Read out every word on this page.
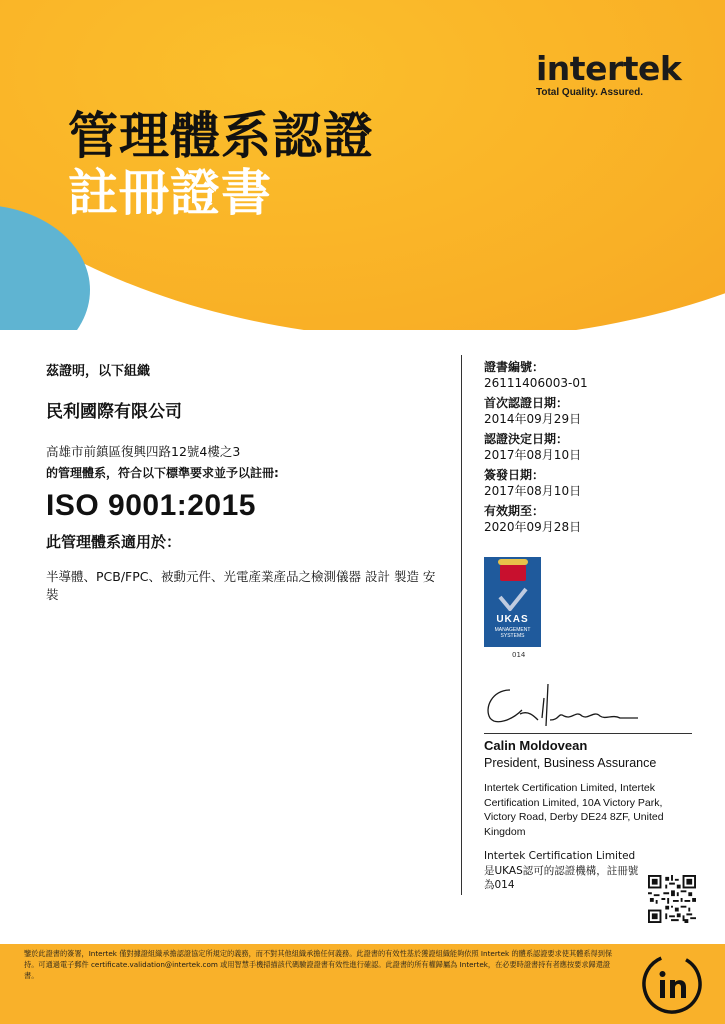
intertek
Total Quality. Assured.
管理體系認證
註冊證書
茲證明，以下組織
民利國際有限公司
高雄市前鎮區復興四路12號4樓之3
的管理體系，符合以下標準要求並予以註冊:
ISO 9001:2015
此管理體系適用於：
半導體、PCB/FPC、被動元件、光電產業產品之檢測儀器 設計 製造 安裝
證書編號：
26111406003-01
首次認證日期：
2014年09月29日
認證決定日期：
2017年08月10日
簽發日期：
2017年08月10日
有效期至：
2020年09月28日
UKAS
MANAGEMENT SYSTEMS
014
Calin Moldovean
President, Business Assurance
Intertek Certification Limited, Intertek Certification Limited, 10A Victory Park, Victory Road, Derby DE24 8ZF, United Kingdom
Intertek Certification Limited是UKAS認可的認證機構，註冊號為014
鑒於此證書的簽署，Intertek 僅對據證組織承擔認證協定所規定的義務，而不對其他組織承擔任何義務。此證書的有效性基於獲證組織能夠依照 Intertek 的體系認證要求使其體系得到保持。可通過電子郵件 certificate.validation@intertek.com 或用智慧手機掃描該代碼驗證證書有效性進行確認。此證書的所有權歸屬為 Intertek，在必要時證書持有者應按要求歸還證書。
